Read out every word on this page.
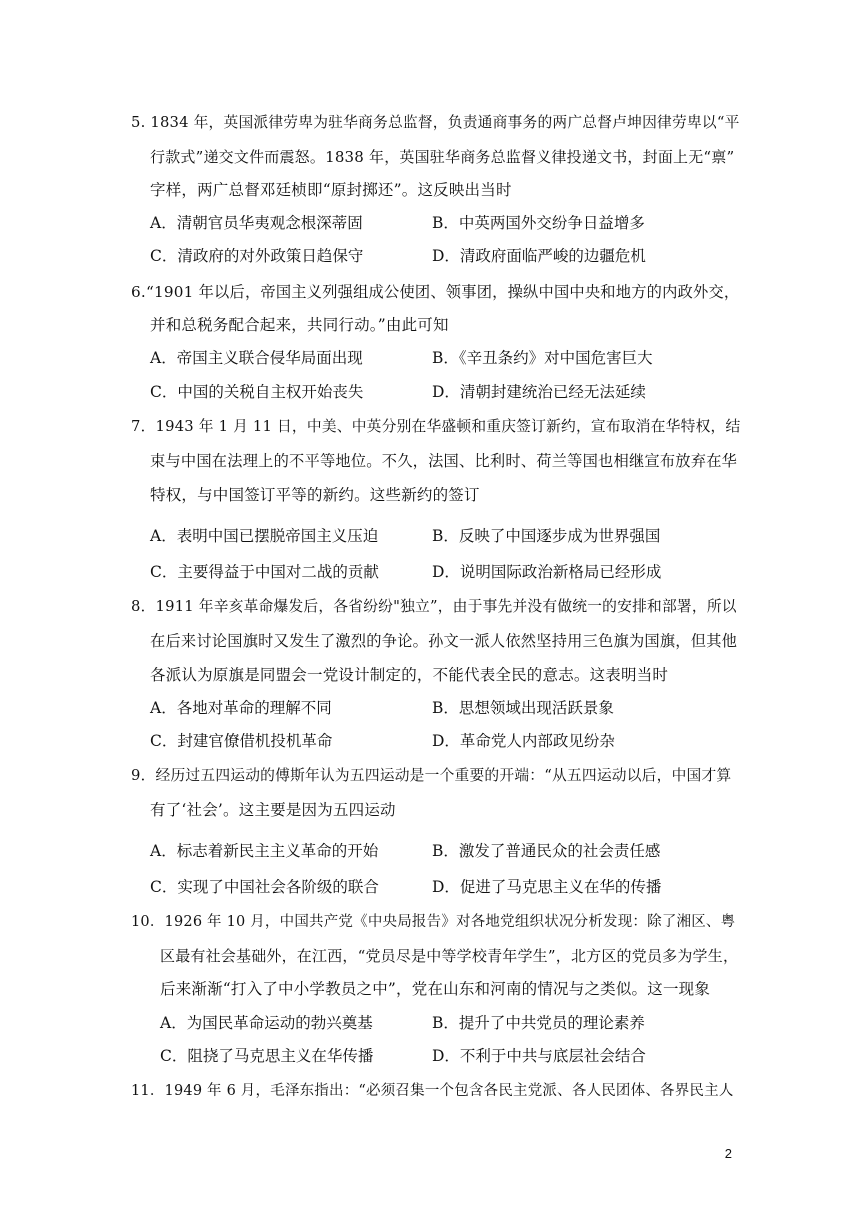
5. 1834 年，英国派律劳卑为驻华商务总监督，负责通商事务的两广总督卢坤因律劳卑以“平
行款式”递交文件而震怒。1838 年，英国驻华商务总监督义律投递文书，封面上无“禀”
字样，两广总督邓廷桢即“原封掷还”。这反映出当时
A．清朝官员华夷观念根深蒂固	B．中英两国外交纷争日益增多
C．清政府的对外政策日趋保守	D．清政府面临严峻的边疆危机
6.“1901 年以后，帝国主义列强组成公使团、领事团，操纵中国中央和地方的内政外交，
并和总税务配合起来，共同行动。”由此可知
A．帝国主义联合侵华局面出现	B．《辛丑条约》对中国危害巨大
C．中国的关税自主权开始丧失	D．清朝封建统治已经无法延续
7．1943 年 1 月 11 日，中美、中英分别在华盛顿和重庆签订新约，宣布取消在华特权，结
束与中国在法理上的不平等地位。不久，法国、比利时、荷兰等国也相继宣布放弃在华
特权，与中国签订平等的新约。这些新约的签订
A．表明中国已摆脱帝国主义压迫	B．反映了中国逐步成为世界强国
C．主要得益于中国对二战的贡献	D．说明国际政治新格局已经形成
8．1911 年辛亥革命爆发后，各省纷纷"独立”，由于事先并没有做统一的安排和部署，所以
在后来讨论国旗时又发生了激烈的争论。孙文一派人依然坚持用三色旗为国旗，但其他
各派认为原旗是同盟会一党设计制定的，不能代表全民的意志。这表明当时
A．各地对革命的理解不同	B．思想领域出现活跃景象
C．封建官僚借机投机革命	D．革命党人内部政见纷杂
9．经历过五四运动的傅斯年认为五四运动是一个重要的开端：“从五四运动以后，中国才算
有了‘社会’。这主要是因为五四运动
A．标志着新民主主义革命的开始	B．激发了普通民众的社会责任感
C．实现了中国社会各阶级的联合	D．促进了马克思主义在华的传播
10．1926 年 10 月，中国共产党《中央局报告》对各地党组织状况分析发现：除了湘区、粤
区最有社会基础外，在江西，“党员尽是中等学校青年学生”，北方区的党员多为学生，
后来渐渐“打入了中小学教员之中”，党在山东和河南的情况与之类似。这一现象
A．为国民革命运动的勃兴奠基	B．提升了中共党员的理论素养
C．阻挠了马克思主义在华传播	D．不利于中共与底层社会结合
11．1949 年 6 月，毛泽东指出：“必须召集一个包含各民主党派、各人民团体、各界民主人
2
